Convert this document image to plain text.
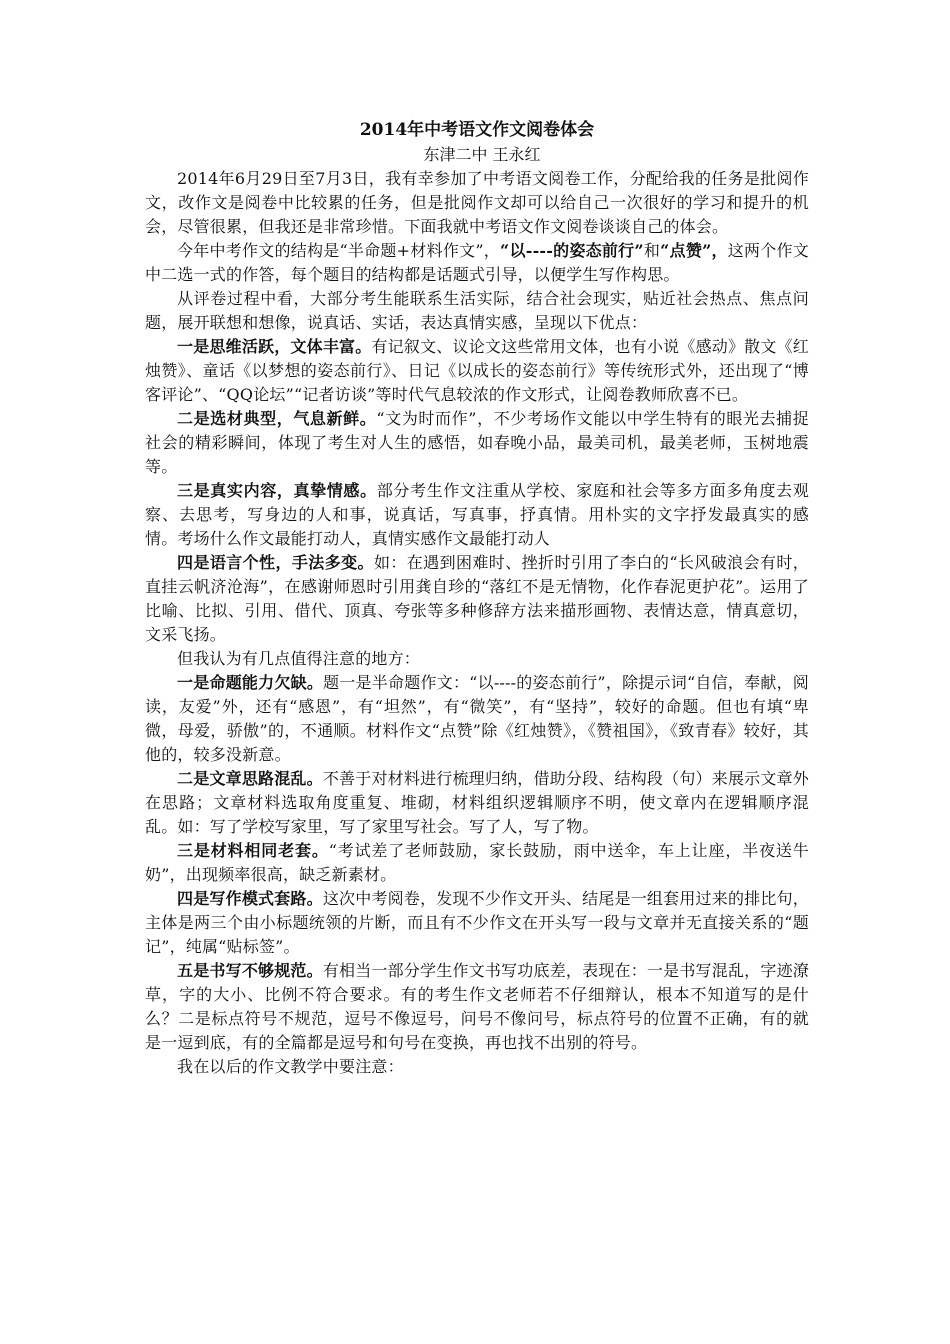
2014年中考语文作文阅卷体会
东津二中 王永红

2014年6月29日至7月3日，我有幸参加了中考语文阅卷工作，分配给我的任务是批阅作文，改作文是阅卷中比较累的任务，但是批阅作文却可以给自己一次很好的学习和提升的机会，尽管很累，但我还是非常珍惜。下面我就中考语文作文阅卷谈谈自己的体会。

今年中考作文的结构是“半命题+材料作文”，“以----的姿态前行”和“点赞”，这两个作文中二选一式的作答，每个题目的结构都是话题式引导，以便学生写作构思。

从评卷过程中看，大部分考生能联系生活实际，结合社会现实，贴近社会热点、焦点问题，展开联想和想像，说真话、实话，表达真情实感，呈现以下优点：

一是思维活跃，文体丰富。有记叙文、议论文这些常用文体，也有小说《感动》散文《红烛赞》、童话《以梦想的姿态前行》、日记《以成长的姿态前行》等传统形式外，还出现了“博客评论”、“QQ论坛”“记者访谈”等时代气息较浓的作文形式，让阅卷教师欣喜不已。

二是选材典型，气息新鲜。“文为时而作”，不少考场作文能以中学生特有的眼光去捕捉社会的精彩瞬间，体现了考生对人生的感悟，如春晚小品，最美司机，最美老师，玉树地震等。

三是真实内容，真挚情感。部分考生作文注重从学校、家庭和社会等多方面多角度去观察、去思考，写身边的人和事，说真话，写真事，抒真情。用朴实的文字抒发最真实的感情。考场什么作文最能打动人，真情实感作文最能打动人

四是语言个性，手法多变。如：在遇到困难时、挫折时引用了李白的“长风破浪会有时，直挂云帆济沧海”，在感谢师恩时引用龚自珍的“落红不是无情物，化作春泥更护花”。运用了比喻、比拟、引用、借代、顶真、夸张等多种修辞方法来描形画物、表情达意，情真意切，文采飞扬。

但我认为有几点值得注意的地方：

一是命题能力欠缺。题一是半命题作文：“以----的姿态前行”，除提示词“自信，奉献，阅读，友爱”外，还有“感恩”，有“坦然”，有“微笑”，有“坚持”，较好的命题。但也有填“卑微，母爱，骄傲”的，不通顺。材料作文“点赞”除《红烛赞》，《赞祖国》，《致青春》较好，其他的，较多没新意。

二是文章思路混乱。不善于对材料进行梳理归纳，借助分段、结构段（句）来展示文章外在思路；文章材料选取角度重复、堆砌，材料组织逻辑顺序不明，使文章内在逻辑顺序混乱。如：写了学校写家里，写了家里写社会。写了人，写了物。

三是材料相同老套。“考试差了老师鼓励，家长鼓励，雨中送伞，车上让座，半夜送牛奶”，出现频率很高，缺乏新素材。

四是写作模式套路。这次中考阅卷，发现不少作文开头、结尾是一组套用过来的排比句，主体是两三个由小标题统领的片断，而且有不少作文在开头写一段与文章并无直接关系的“题记”，纯属“贴标签”。

五是书写不够规范。有相当一部分学生作文书写功底差，表现在：一是书写混乱，字迹潦草，字的大小、比例不符合要求。有的考生作文老师若不仔细辩认，根本不知道写的是什么？二是标点符号不规范，逗号不像逗号，问号不像问号，标点符号的位置不正确，有的就是一逗到底，有的全篇都是逗号和句号在变换，再也找不出别的符号。

我在以后的作文教学中要注意：
